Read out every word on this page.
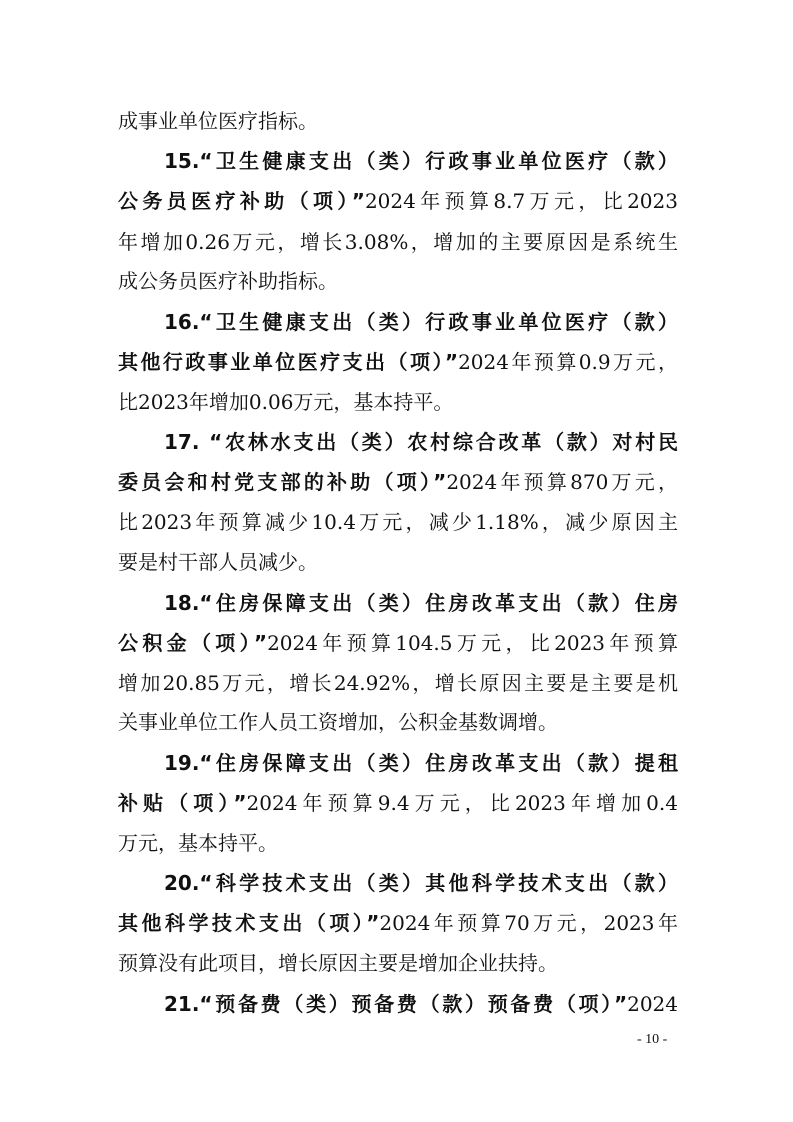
成事业单位医疗指标。
15.“卫生健康支出（类）行政事业单位医疗（款）
公务员医疗补助（项）”2024年预算8.7万元，比2023
年增加0.26万元，增长3.08%，增加的主要原因是系统生
成公务员医疗补助指标。
16.“卫生健康支出（类）行政事业单位医疗（款）
其他行政事业单位医疗支出（项）”2024年预算0.9万元，
比2023年增加0.06万元，基本持平。
17. “农林水支出（类）农村综合改革（款）对村民
委员会和村党支部的补助（项）”2024年预算870万元，
比2023年预算减少10.4万元，减少1.18%，减少原因主
要是村干部人员减少。
18.“住房保障支出（类）住房改革支出（款）住房
公积金（项）”2024年预算104.5万元，比2023年预算
增加20.85万元，增长24.92%，增长原因主要是主要是机
关事业单位工作人员工资增加，公积金基数调增。
19.“住房保障支出（类）住房改革支出（款）提租
补贴（项）”2024年预算9.4万元，比2023年增加0.4
万元，基本持平。
20.“科学技术支出（类）其他科学技术支出（款）
其他科学技术支出（项）”2024年预算70万元，2023年
预算没有此项目，增长原因主要是增加企业扶持。
21.“预备费（类）预备费（款）预备费（项）”2024
- 10 -
